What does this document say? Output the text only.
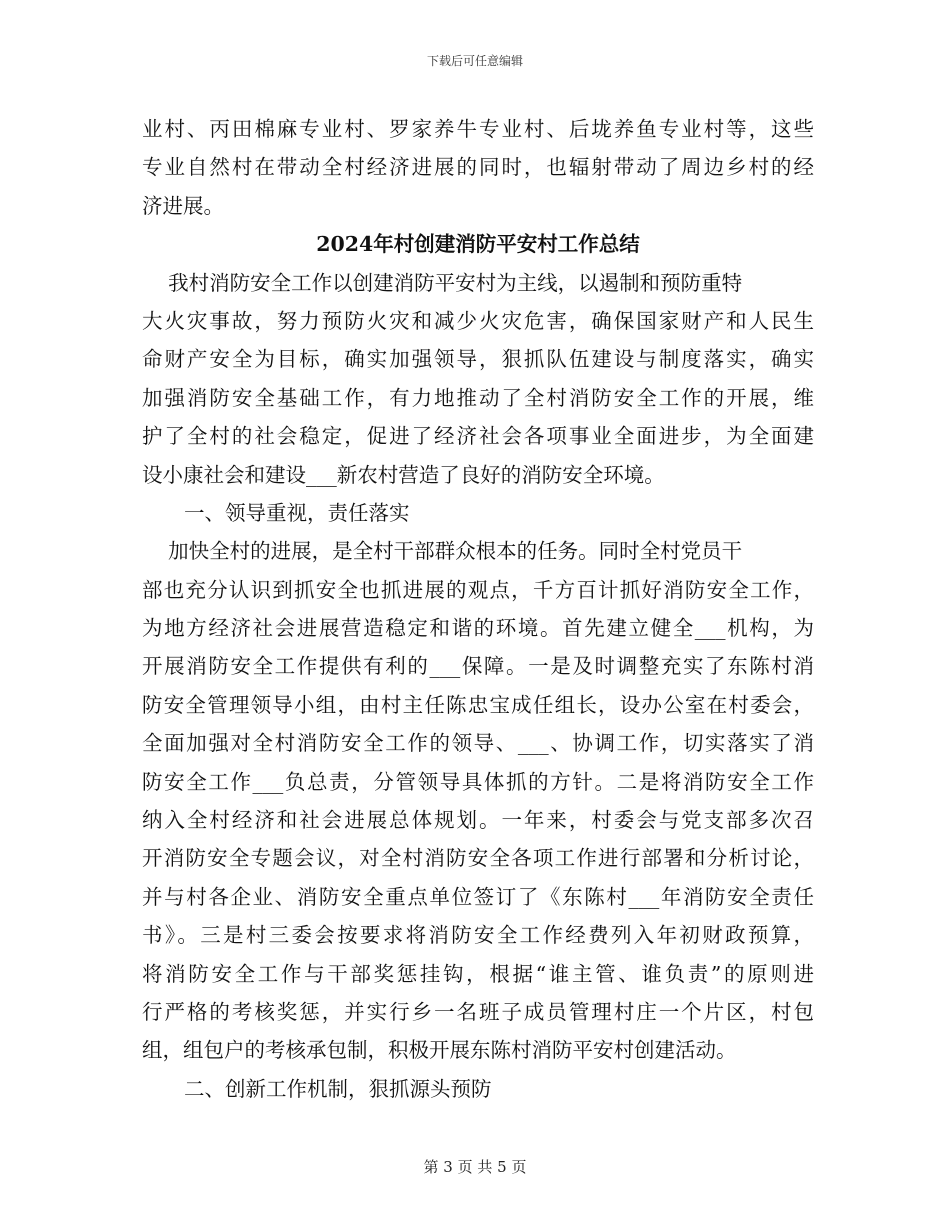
下载后可任意编辑
业村、丙田棉麻专业村、罗家养牛专业村、后垅养鱼专业村等，这些
专业自然村在带动全村经济进展的同时，也辐射带动了周边乡村的经
济进展。
2024年村创建消防平安村工作总结
我村消防安全工作以创建消防平安村为主线，以遏制和预防重特
大火灾事故，努力预防火灾和减少火灾危害，确保国家财产和人民生
命财产安全为目标，确实加强领导，狠抓队伍建设与制度落实，确实
加强消防安全基础工作，有力地推动了全村消防安全工作的开展，维
护了全村的社会稳定，促进了经济社会各项事业全面进步，为全面建
设小康社会和建设___新农村营造了良好的消防安全环境。
一、领导重视，责任落实
加快全村的进展，是全村干部群众根本的任务。同时全村党员干
部也充分认识到抓安全也抓进展的观点，千方百计抓好消防安全工作，
为地方经济社会进展营造稳定和谐的环境。首先建立健全___机构，为
开展消防安全工作提供有利的___保障。一是及时调整充实了东陈村消
防安全管理领导小组，由村主任陈忠宝成任组长，设办公室在村委会，
全面加强对全村消防安全工作的领导、___、协调工作，切实落实了消
防安全工作___负总责，分管领导具体抓的方针。二是将消防安全工作
纳入全村经济和社会进展总体规划。一年来，村委会与党支部多次召
开消防安全专题会议，对全村消防安全各项工作进行部署和分析讨论，
并与村各企业、消防安全重点单位签订了《东陈村___年消防安全责任
书》。三是村三委会按要求将消防安全工作经费列入年初财政预算，
将消防安全工作与干部奖惩挂钩，根据“谁主管、谁负责”的原则进
行严格的考核奖惩，并实行乡一名班子成员管理村庄一个片区，村包
组，组包户的考核承包制，积极开展东陈村消防平安村创建活动。
二、创新工作机制，狠抓源头预防
第 3 页 共 5 页
